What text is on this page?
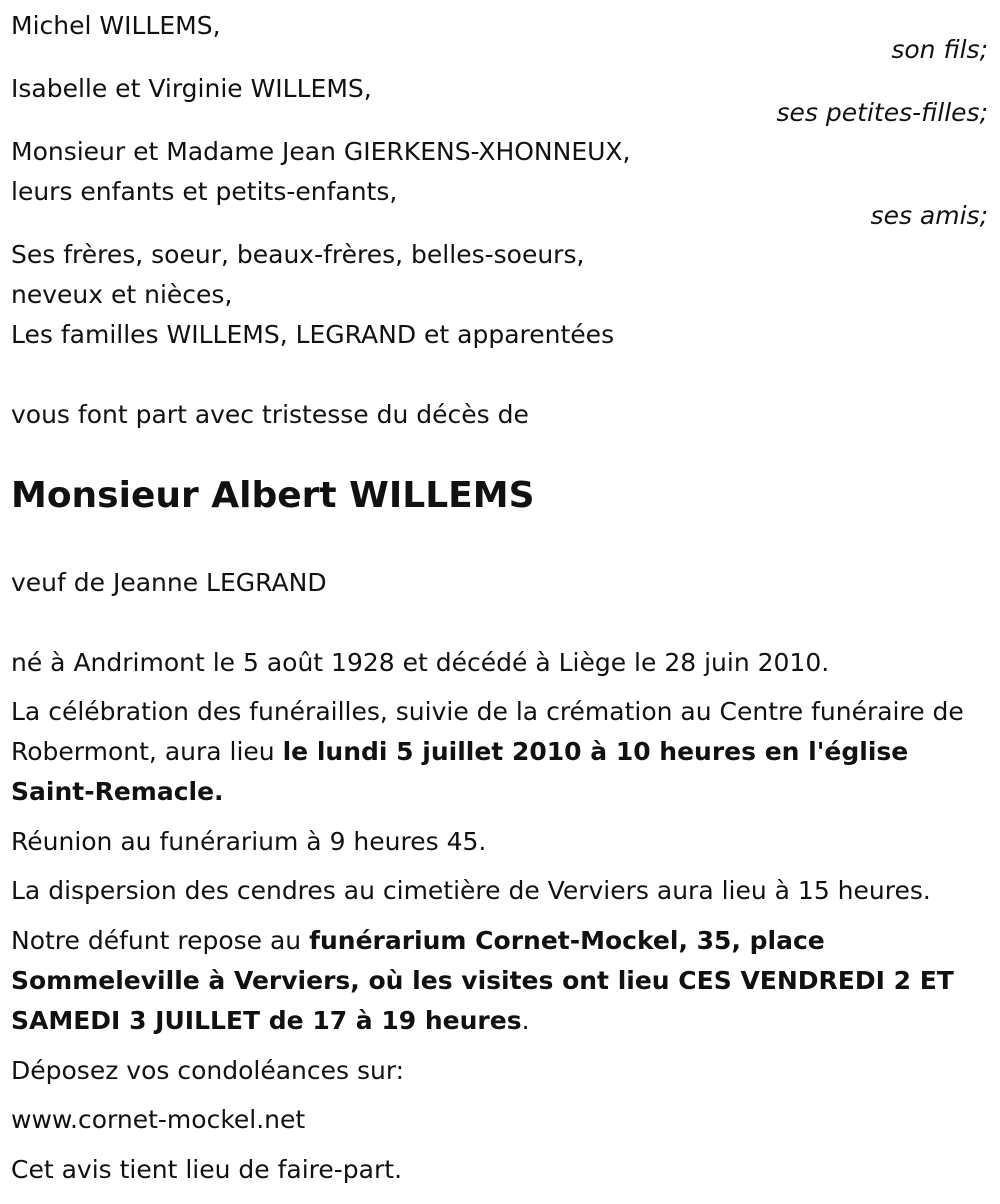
Michel WILLEMS,
son fils;
Isabelle et Virginie WILLEMS,
ses petites-filles;
Monsieur et Madame Jean GIERKENS-XHONNEUX,
leurs enfants et petits-enfants,
ses amis;
Ses frères, soeur, beaux-frères, belles-soeurs,
neveux et nièces,
Les familles WILLEMS, LEGRAND et apparentées
vous font part avec tristesse du décès de
Monsieur Albert WILLEMS
veuf de Jeanne LEGRAND
né à Andrimont le 5 août 1928 et décédé à Liège le 28 juin 2010.
La célébration des funérailles, suivie de la crémation au Centre funéraire de Robermont, aura lieu le lundi 5 juillet 2010 à 10 heures en l'église Saint-Remacle.
Réunion au funérarium à 9 heures 45.
La dispersion des cendres au cimetière de Verviers aura lieu à 15 heures.
Notre défunt repose au funérarium Cornet-Mockel, 35, place Sommeleville à Verviers, où les visites ont lieu CES VENDREDI 2 ET SAMEDI 3 JUILLET de 17 à 19 heures.
Déposez vos condoléances sur:
www.cornet-mockel.net
Cet avis tient lieu de faire-part.
